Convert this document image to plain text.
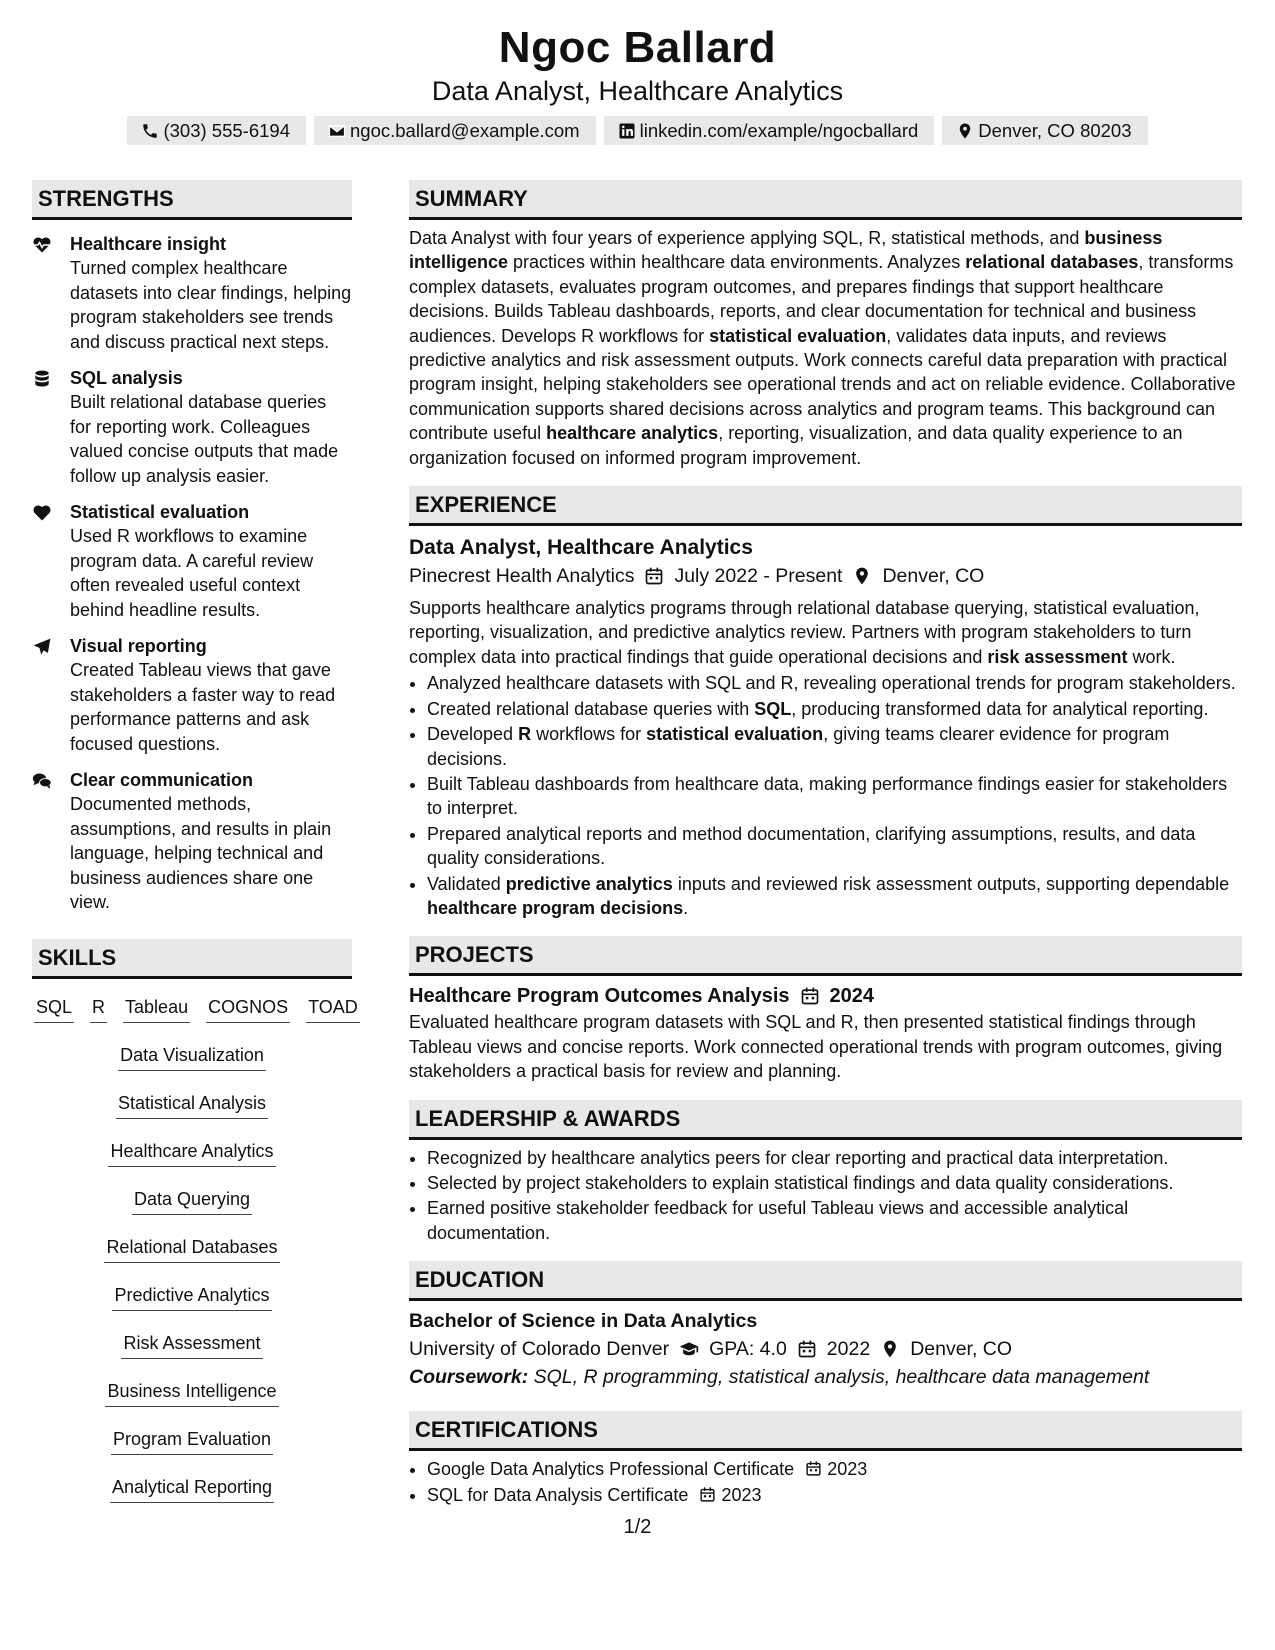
Ngoc Ballard
Data Analyst, Healthcare Analytics
(303) 555-6194	ngoc.ballard@example.com	linkedin.com/example/ngocballard	Denver, CO 80203
STRENGTHS
Healthcare insight
Turned complex healthcare datasets into clear findings, helping program stakeholders see trends and discuss practical next steps.
SQL analysis
Built relational database queries for reporting work. Colleagues valued concise outputs that made follow up analysis easier.
Statistical evaluation
Used R workflows to examine program data. A careful review often revealed useful context behind headline results.
Visual reporting
Created Tableau views that gave stakeholders a faster way to read performance patterns and ask focused questions.
Clear communication
Documented methods, assumptions, and results in plain language, helping technical and business audiences share one view.
SKILLS
SQL R Tableau COGNOS TOAD
Data Visualization
Statistical Analysis
Healthcare Analytics
Data Querying
Relational Databases
Predictive Analytics
Risk Assessment
Business Intelligence
Program Evaluation
Analytical Reporting
SUMMARY
Data Analyst with four years of experience applying SQL, R, statistical methods, and business intelligence practices within healthcare data environments. Analyzes relational databases, transforms complex datasets, evaluates program outcomes, and prepares findings that support healthcare decisions. Builds Tableau dashboards, reports, and clear documentation for technical and business audiences. Develops R workflows for statistical evaluation, validates data inputs, and reviews predictive analytics and risk assessment outputs. Work connects careful data preparation with practical program insight, helping stakeholders see operational trends and act on reliable evidence. Collaborative communication supports shared decisions across analytics and program teams. This background can contribute useful healthcare analytics, reporting, visualization, and data quality experience to an organization focused on informed program improvement.
EXPERIENCE
Data Analyst, Healthcare Analytics
Pinecrest Health Analytics July 2022 - Present Denver, CO
Supports healthcare analytics programs through relational database querying, statistical evaluation, reporting, visualization, and predictive analytics review. Partners with program stakeholders to turn complex data into practical findings that guide operational decisions and risk assessment work.
• Analyzed healthcare datasets with SQL and R, revealing operational trends for program stakeholders.
• Created relational database queries with SQL, producing transformed data for analytical reporting.
• Developed R workflows for statistical evaluation, giving teams clearer evidence for program decisions.
• Built Tableau dashboards from healthcare data, making performance findings easier for stakeholders to interpret.
• Prepared analytical reports and method documentation, clarifying assumptions, results, and data quality considerations.
• Validated predictive analytics inputs and reviewed risk assessment outputs, supporting dependable healthcare program decisions.
PROJECTS
Healthcare Program Outcomes Analysis 2024
Evaluated healthcare program datasets with SQL and R, then presented statistical findings through Tableau views and concise reports. Work connected operational trends with program outcomes, giving stakeholders a practical basis for review and planning.
LEADERSHIP & AWARDS
• Recognized by healthcare analytics peers for clear reporting and practical data interpretation.
• Selected by project stakeholders to explain statistical findings and data quality considerations.
• Earned positive stakeholder feedback for useful Tableau views and accessible analytical documentation.
EDUCATION
Bachelor of Science in Data Analytics
University of Colorado Denver GPA: 4.0 2022 Denver, CO
Coursework: SQL, R programming, statistical analysis, healthcare data management
CERTIFICATIONS
• Google Data Analytics Professional Certificate 2023
• SQL for Data Analysis Certificate 2023
1/2
